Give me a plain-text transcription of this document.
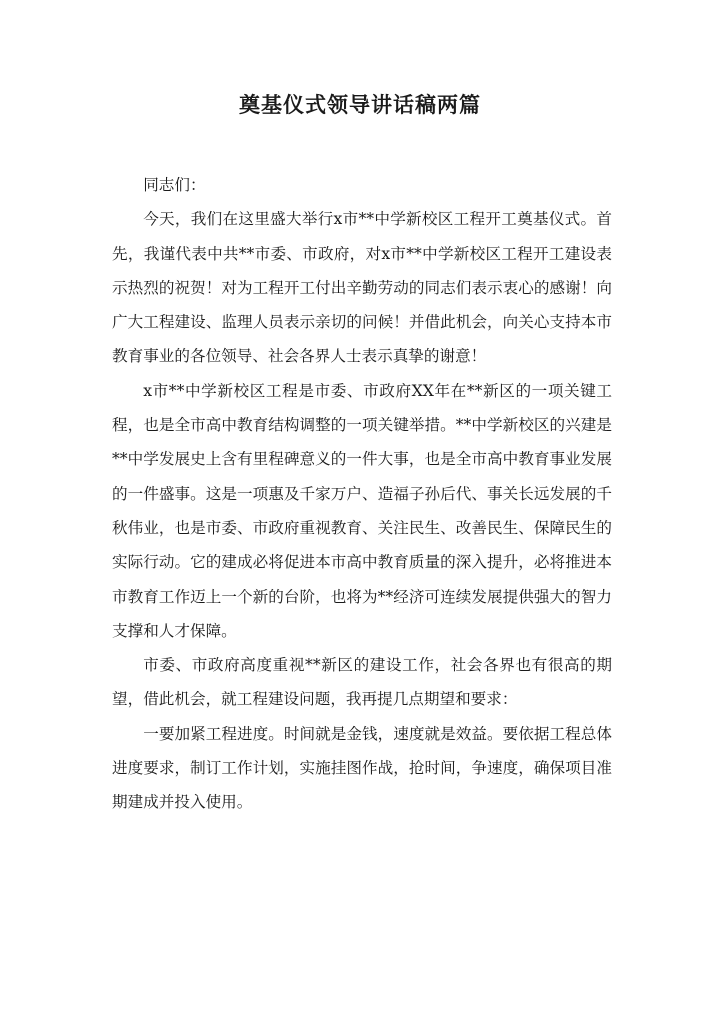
奠基仪式领导讲话稿两篇

同志们：

今天，我们在这里盛大举行x市**中学新校区工程开工奠基仪式。首先，我谨代表中共**市委、市政府，对x市**中学新校区工程开工建设表示热烈的祝贺！对为工程开工付出辛勤劳动的同志们表示衷心的感谢！向广大工程建设、监理人员表示亲切的问候！并借此机会，向关心支持本市教育事业的各位领导、社会各界人士表示真挚的谢意！

x市**中学新校区工程是市委、市政府XX年在**新区的一项关键工程，也是全市高中教育结构调整的一项关键举措。**中学新校区的兴建是**中学发展史上含有里程碑意义的一件大事，也是全市高中教育事业发展的一件盛事。这是一项惠及千家万户、造福子孙后代、事关长远发展的千秋伟业，也是市委、市政府重视教育、关注民生、改善民生、保障民生的实际行动。它的建成必将促进本市高中教育质量的深入提升，必将推进本市教育工作迈上一个新的台阶，也将为**经济可连续发展提供强大的智力支撑和人才保障。

市委、市政府高度重视**新区的建设工作，社会各界也有很高的期望，借此机会，就工程建设问题，我再提几点期望和要求：

一要加紧工程进度。时间就是金钱，速度就是效益。要依据工程总体进度要求，制订工作计划，实施挂图作战，抢时间，争速度，确保项目准期建成并投入使用。
